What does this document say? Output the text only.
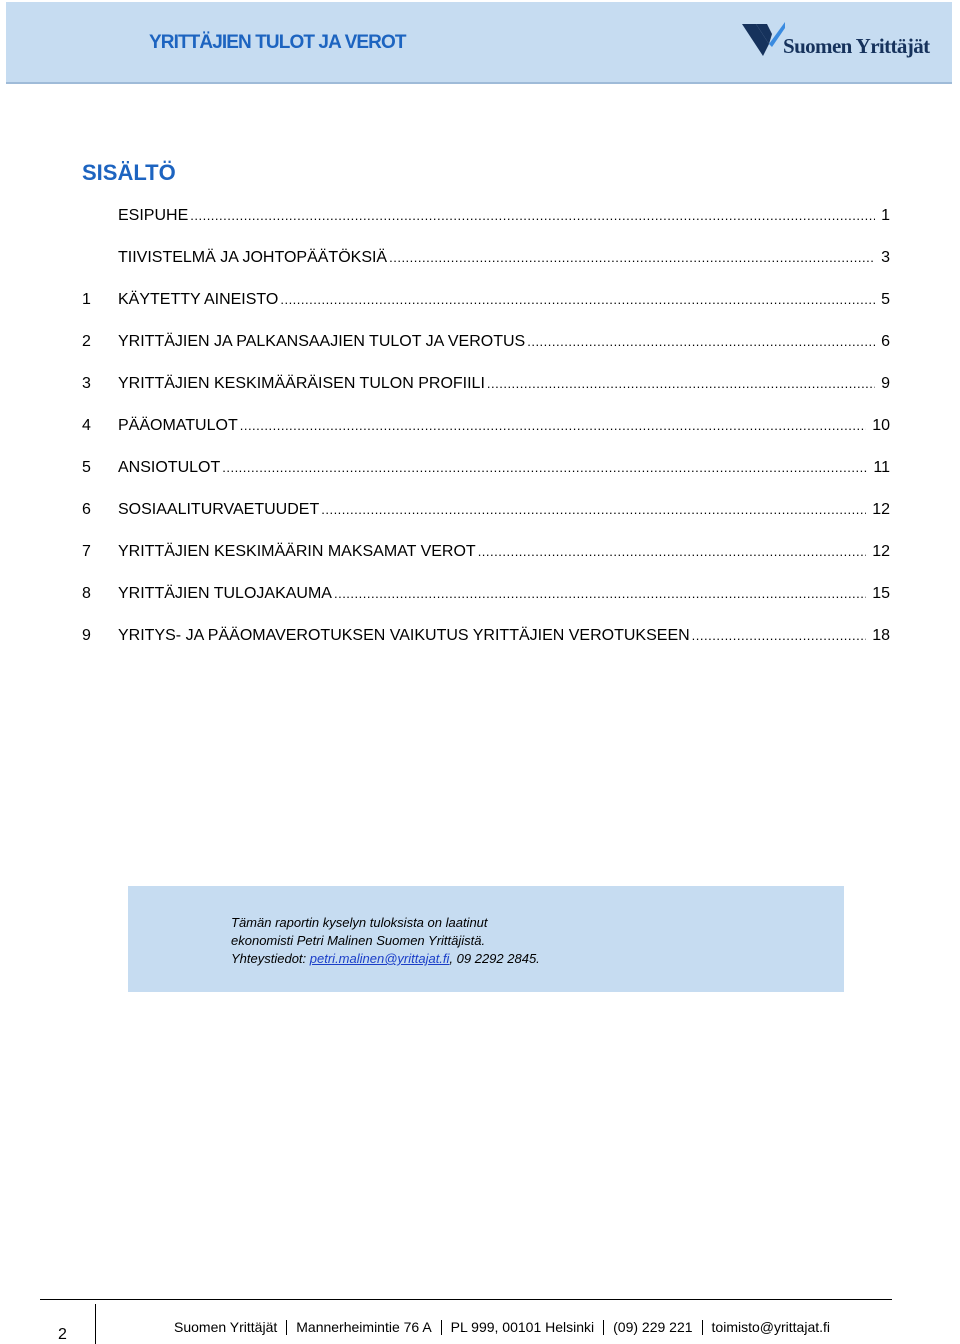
YRITTÄJIEN TULOT JA VEROT	Suomen Yrittäjät
SISÄLTÖ
ESIPUHE .....	1
TIIVISTELMÄ JA JOHTOPÄÄTÖKSIÄ .....	3
1	KÄYTETTY AINEISTO .....	5
2	YRITTÄJIEN JA PALKANSAAJIEN TULOT JA VEROTUS .....	6
3	YRITTÄJIEN KESKIMÄÄRÄISEN TULON PROFIILI .....	9
4	PÄÄOMATULOT .....	10
5	ANSIOTULOT .....	11
6	SOSIAALITURVAETUUDET .....	12
7	YRITTÄJIEN KESKIMÄÄRIN MAKSAMAT VEROT .....	12
8	YRITTÄJIEN TULOJAKAUMA .....	15
9	YRITYS- JA PÄÄOMAVEROTUKSEN VAIKUTUS YRITTÄJIEN VEROTUKSEEN .....	18
Tämän raportin kyselyn tuloksista on laatinut
ekonomisti Petri Malinen Suomen Yrittäjistä.
Yhteystiedot: petri.malinen@yrittajat.fi, 09 2292 2845.
2	Suomen Yrittäjät Mannerheimintie 76 A PL 999, 00101 Helsinki (09) 229 221 toimisto@yrittajat.fi
